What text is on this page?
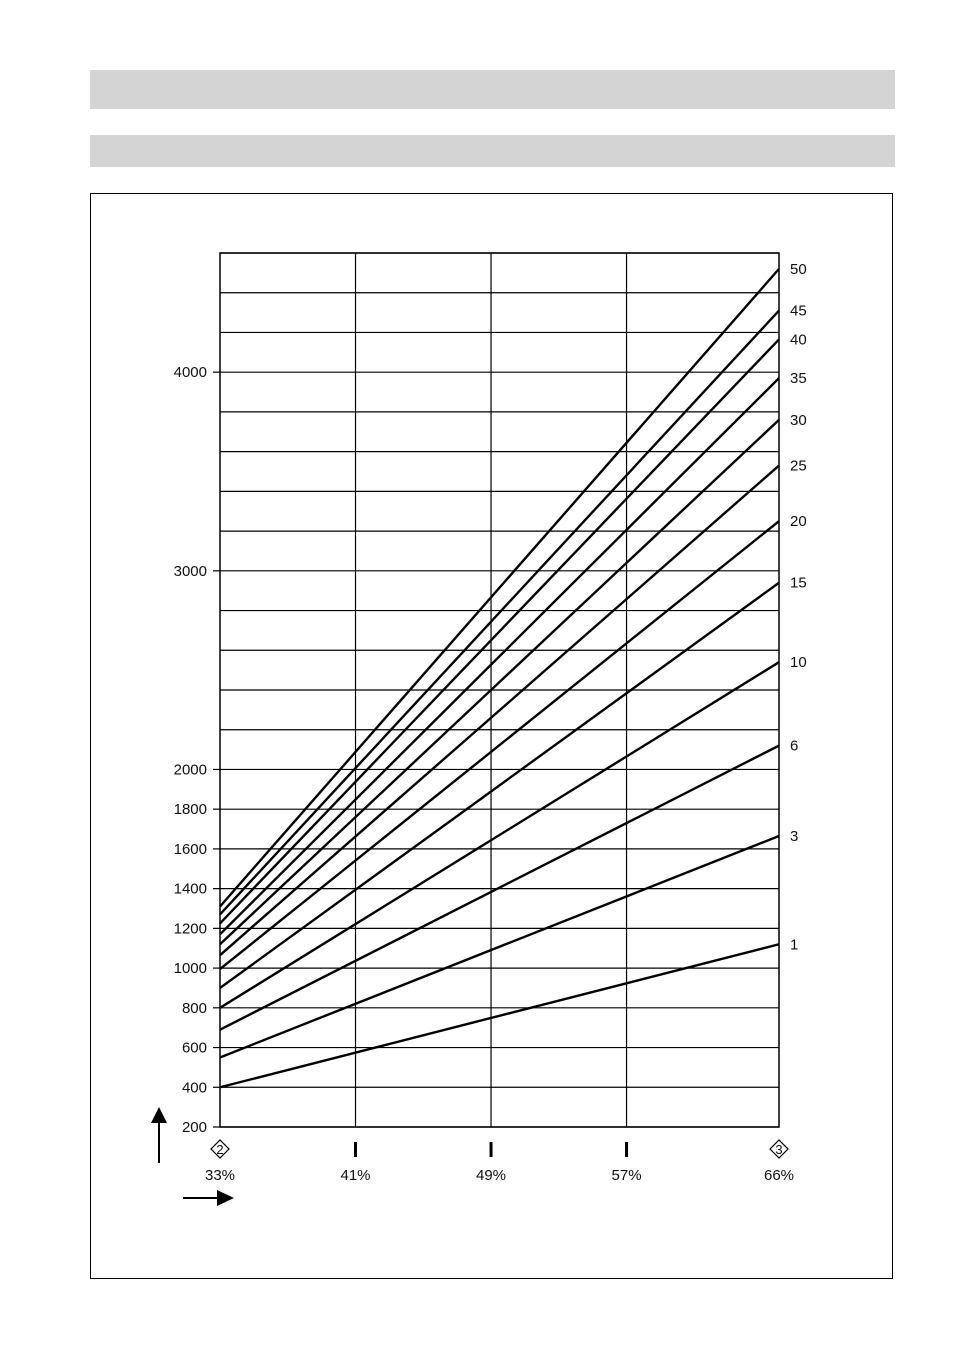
200
400
600
800
1000
1200
1400
1600
1800
2000
3000
4000
2
33%	41%	49%	57%
3
66%
1
3
6
10
15
20
25
30
35
40
45
50
